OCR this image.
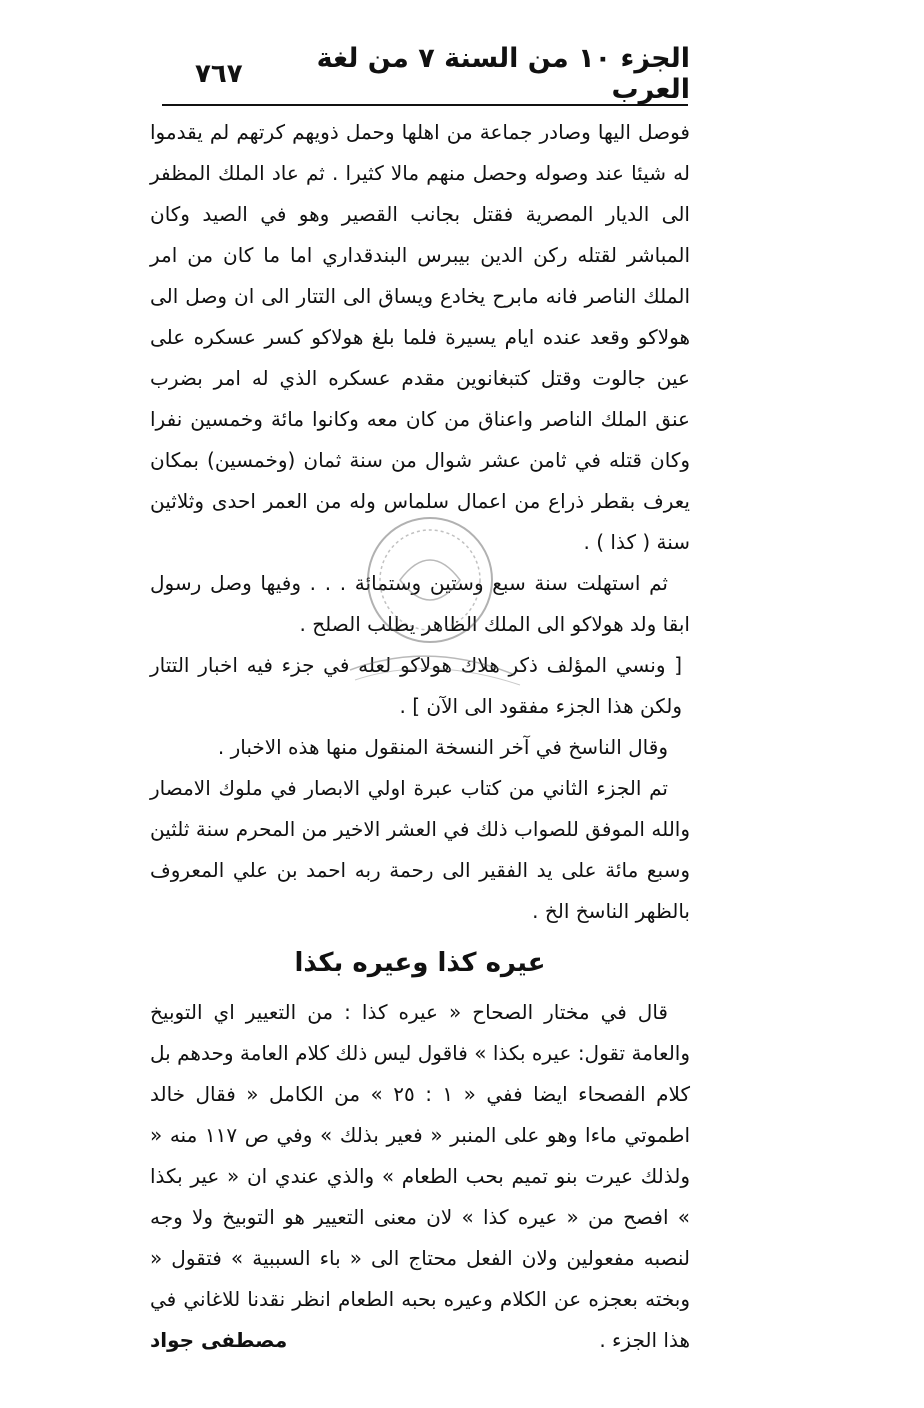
٧٦٧	الجزء ١٠ من السنة ٧ من لغة العرب

فوصل اليها وصادر جماعة من اهلها وحمل ذويهم كرتهم لم يقدموا له شيئا عند وصوله وحصل منهم مالا كثيرا . ثم عاد الملك المظفر الى الديار المصرية فقتل بجانب القصير وهو في الصيد وكان المباشر لقتله ركن الدين بيبرس البندقداري اما ما كان من امر الملك الناصر فانه مابرح يخادع ويساق الى التتار الى ان وصل الى هولاكو وقعد عنده ايام يسيرة فلما بلغ هولاكو كسر عسكره على عين جالوت وقتل كتبغانوين مقدم عسكره الذي له امر بضرب عنق الملك الناصر واعناق من كان معه وكانوا مائة وخمسين نفرا وكان قتله في ثامن عشر شوال من سنة ثمان (وخمسين) بمكان يعرف بقطر ذراع من اعمال سلماس وله من العمر احدى وثلاثين سنة ( كذا ) .

ثم استهلت سنة سبع وستين وستمائة . . . وفيها وصل رسول ابقا ولد هولاكو الى الملك الظاهر يطلب الصلح .

[ ونسي المؤلف ذكر هلاك هولاكو لعله في جزء فيه اخبار التتار ولكن هذا الجزء مفقود الى الآن ] .

وقال الناسخ في آخر النسخة المنقول منها هذه الاخبار .

تم الجزء الثاني من كتاب عبرة اولي الابصار في ملوك الامصار والله الموفق للصواب ذلك في العشر الاخير من المحرم سنة ثلثين وسبع مائة على يد الفقير الى رحمة ربه احمد بن علي المعروف بالظهر الناسخ الخ .

عيره كذا وعيره بكذا

قال في مختار الصحاح « عيره كذا : من التعيير اي التوبيخ والعامة تقول: عيره بكذا » فاقول ليس ذلك كلام العامة وحدهم بل كلام الفصحاء ايضا ففي « ١ : ٢٥ » من الكامل « فقال خالد اطموتي ماءا وهو على المنبر « فعير بذلك » وفي ص ١١٧ منه « ولذلك عيرت بنو تميم بحب الطعام » والذي عندي ان « عير بكذا » افصح من « عيره كذا » لان معنى التعيير هو التوبيخ ولا وجه لنصبه مفعولين ولان الفعل محتاج الى « باء السببية » فتقول « وبخته بعجزه عن الكلام وعيره بحبه الطعام انظر نقدنا للاغاني في هذا الجزء .
مصطفى جواد
